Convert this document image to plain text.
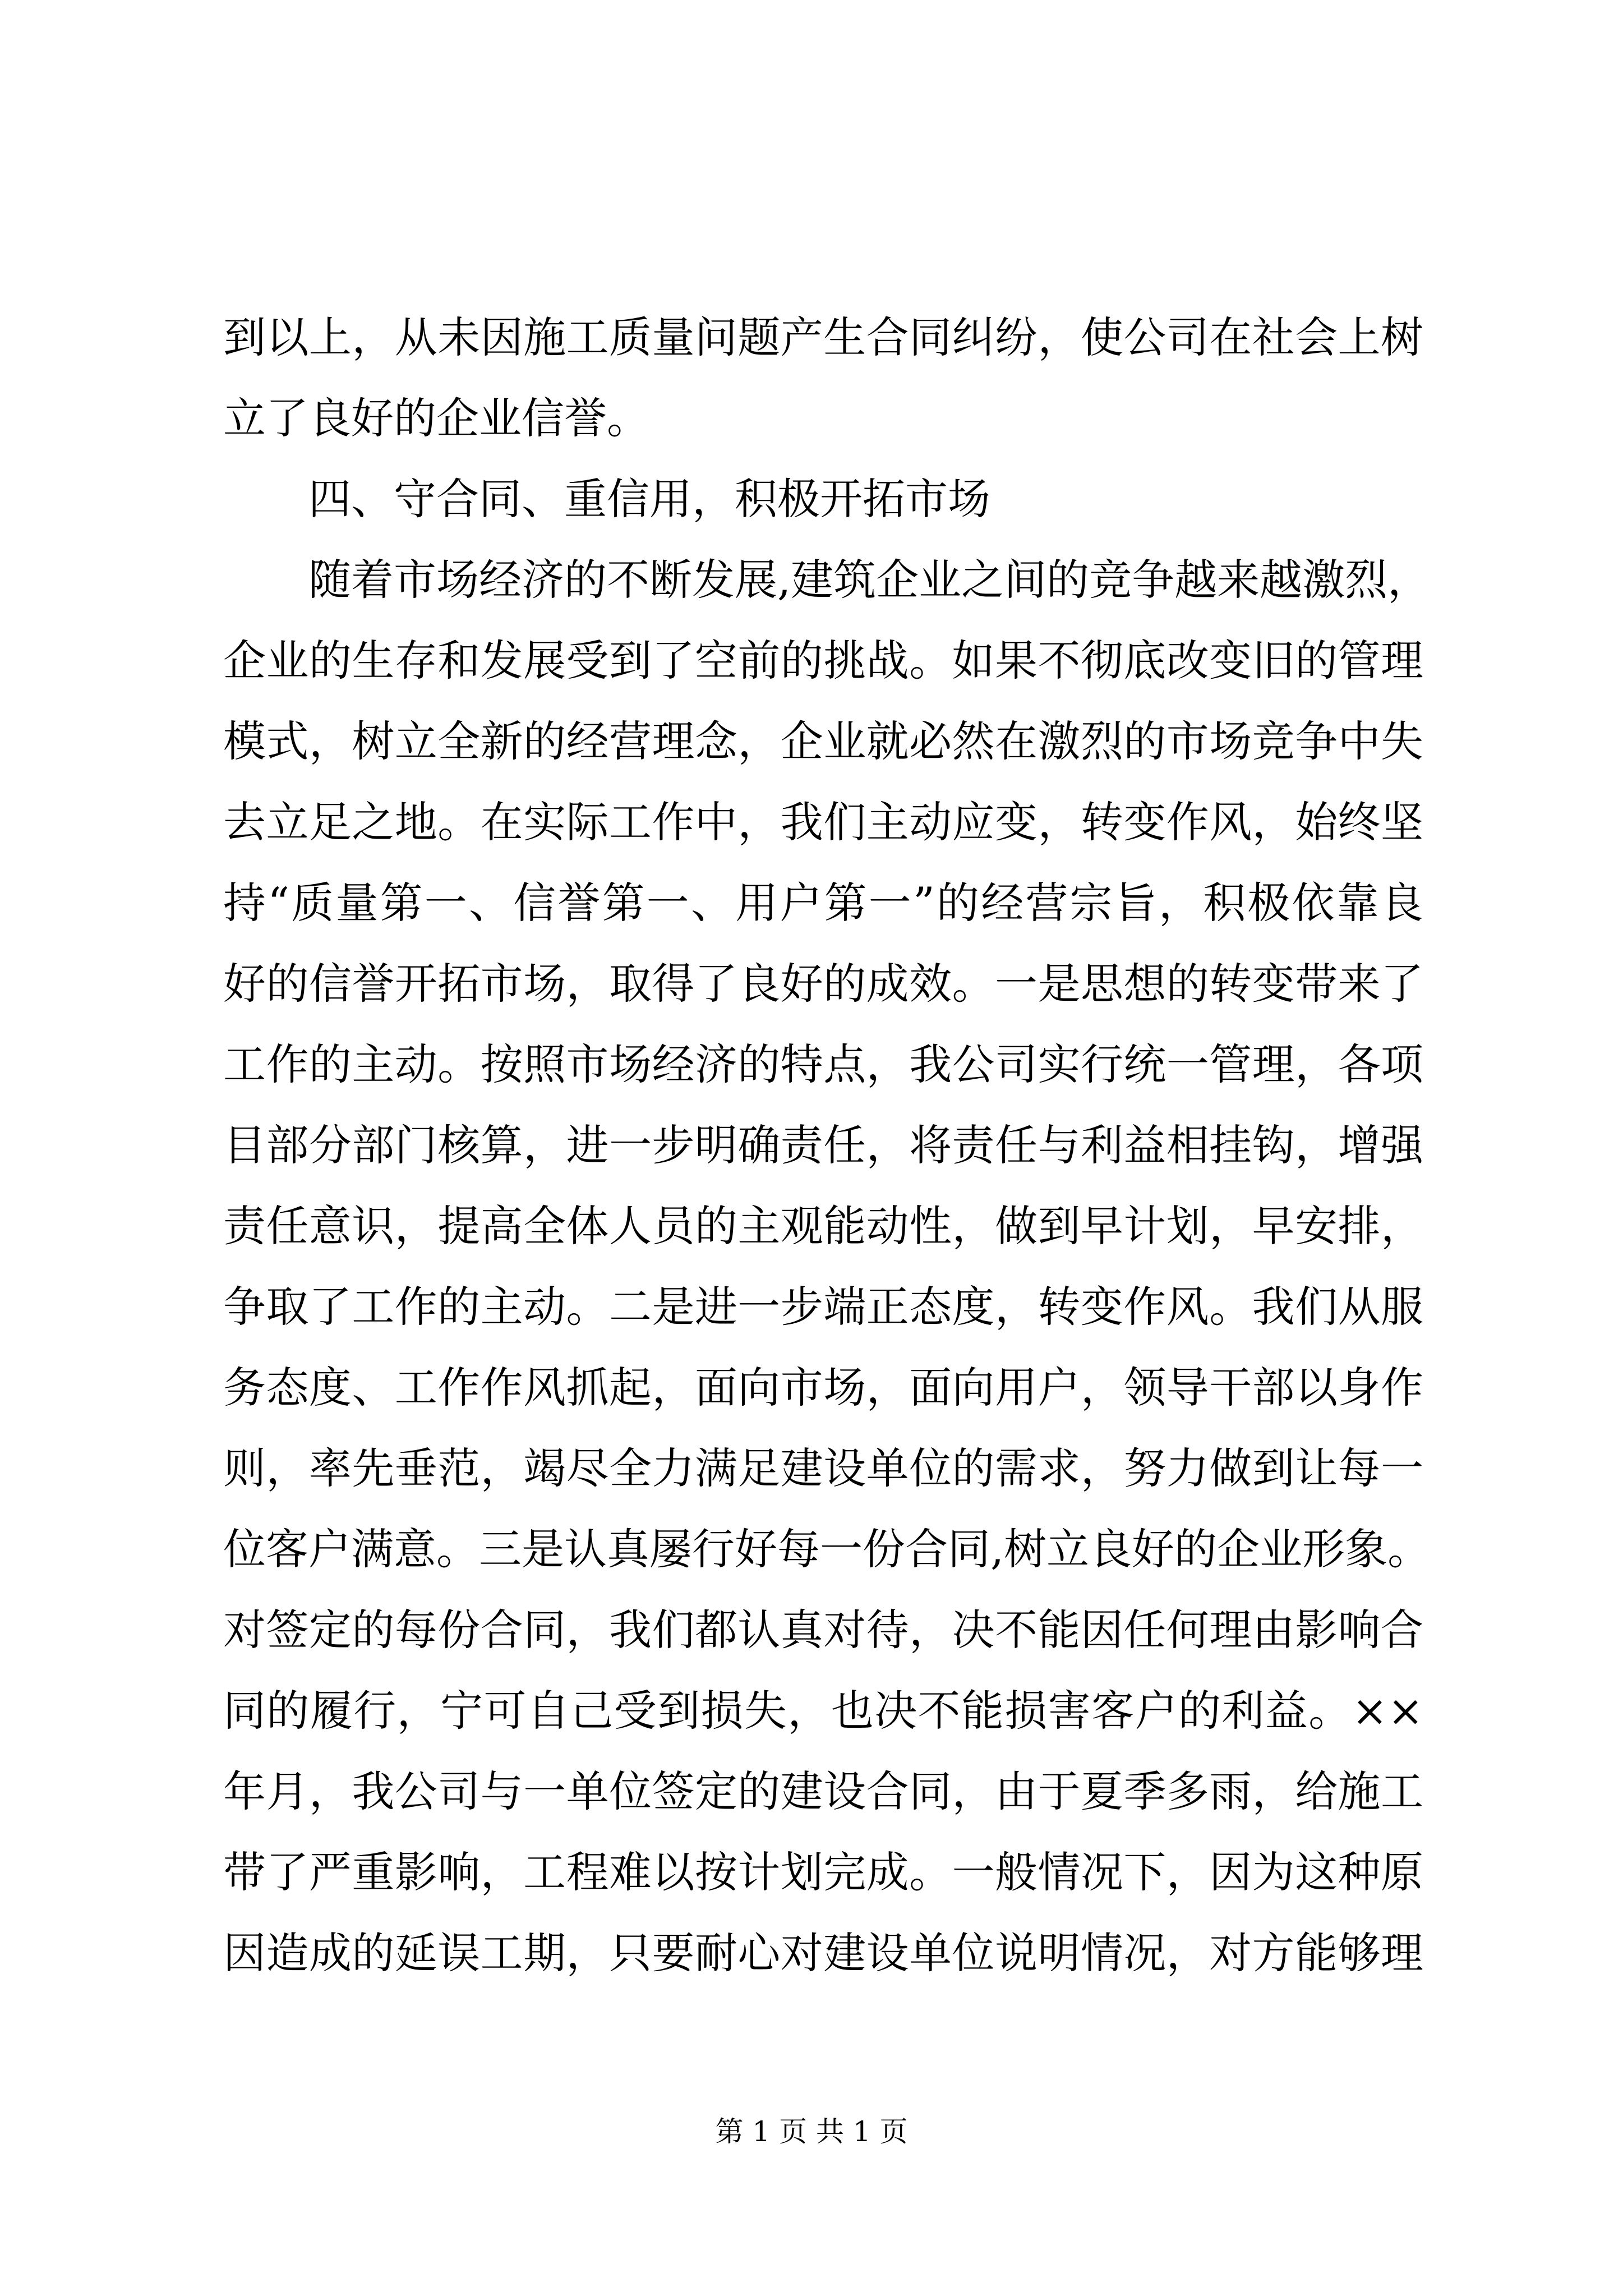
到以上，从未因施工质量问题产生合同纠纷，使公司在社会上树
立了良好的企业信誉。
四、守合同、重信用，积极开拓市场
随着市场经济的不断发展,建筑企业之间的竞争越来越激烈，
企业的生存和发展受到了空前的挑战。如果不彻底改变旧的管理
模式，树立全新的经营理念，企业就必然在激烈的市场竞争中失
去立足之地。在实际工作中，我们主动应变，转变作风，始终坚
持“质量第一、信誉第一、用户第一”的经营宗旨，积极依靠良
好的信誉开拓市场，取得了良好的成效。一是思想的转变带来了
工作的主动。按照市场经济的特点，我公司实行统一管理，各项
目部分部门核算，进一步明确责任，将责任与利益相挂钩，增强
责任意识，提高全体人员的主观能动性，做到早计划，早安排，
争取了工作的主动。二是进一步端正态度，转变作风。我们从服
务态度、工作作风抓起，面向市场，面向用户，领导干部以身作
则，率先垂范，竭尽全力满足建设单位的需求，努力做到让每一
位客户满意。三是认真屡行好每一份合同,树立良好的企业形象。
对签定的每份合同，我们都认真对待，决不能因任何理由影响合
同的履行，宁可自己受到损失，也决不能损害客户的利益。××
年月，我公司与一单位签定的建设合同，由于夏季多雨，给施工
带了严重影响，工程难以按计划完成。一般情况下，因为这种原
因造成的延误工期，只要耐心对建设单位说明情况，对方能够理
第 1 页 共 1 页
